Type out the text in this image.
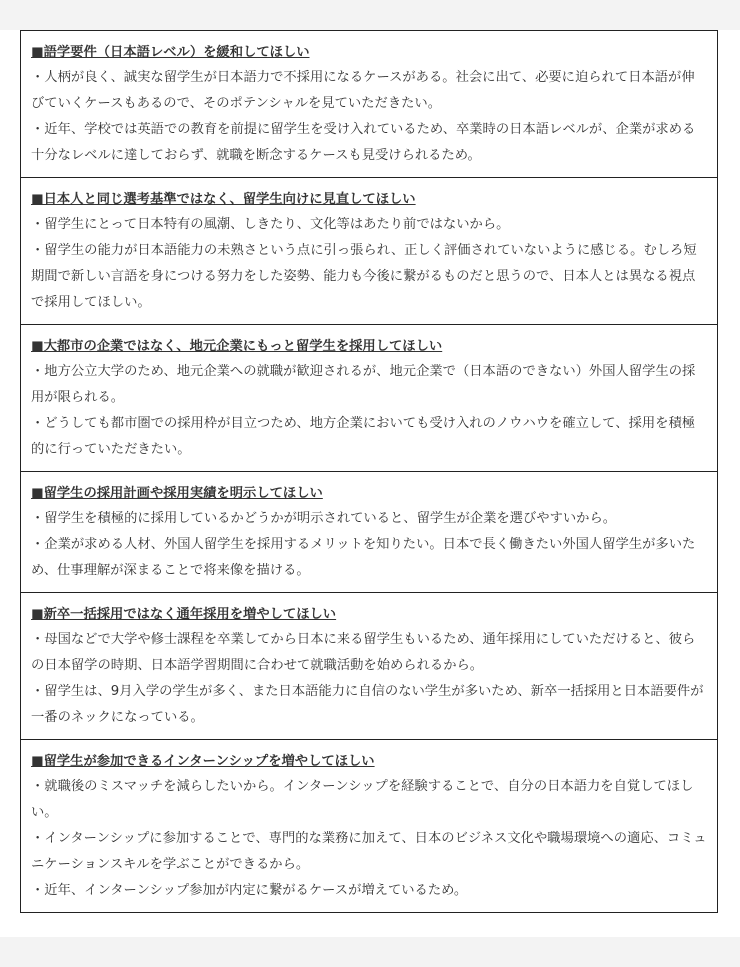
■語学要件（日本語レベル）を緩和してほしい

・人柄が良く、誠実な留学生が日本語力で不採用になるケースがある。社会に出て、必要に迫られて日本語が伸びていくケースもあるので、そのポテンシャルを見ていただきたい。

・近年、学校では英語での教育を前提に留学生を受け入れているため、卒業時の日本語レベルが、企業が求める十分なレベルに達しておらず、就職を断念するケースも見受けられるため。

■日本人と同じ選考基準ではなく、留学生向けに見直してほしい

・留学生にとって日本特有の風潮、しきたり、文化等はあたり前ではないから。

・留学生の能力が日本語能力の未熟さという点に引っ張られ、正しく評価されていないように感じる。むしろ短期間で新しい言語を身につける努力をした姿勢、能力も今後に繋がるものだと思うので、日本人とは異なる視点で採用してほしい。

■大都市の企業ではなく、地元企業にもっと留学生を採用してほしい

・地方公立大学のため、地元企業への就職が歓迎されるが、地元企業で（日本語のできない）外国人留学生の採用が限られる。

・どうしても都市圏での採用枠が目立つため、地方企業においても受け入れのノウハウを確立して、採用を積極的に行っていただきたい。

■留学生の採用計画や採用実績を明示してほしい

・留学生を積極的に採用しているかどうかが明示されていると、留学生が企業を選びやすいから。

・企業が求める人材、外国人留学生を採用するメリットを知りたい。日本で長く働きたい外国人留学生が多いため、仕事理解が深まることで将来像を描ける。

■新卒一括採用ではなく通年採用を増やしてほしい

・母国などで大学や修士課程を卒業してから日本に来る留学生もいるため、通年採用にしていただけると、彼らの日本留学の時期、日本語学習期間に合わせて就職活動を始められるから。

・留学生は、9月入学の学生が多く、また日本語能力に自信のない学生が多いため、新卒一括採用と日本語要件が一番のネックになっている。

■留学生が参加できるインターンシップを増やしてほしい

・就職後のミスマッチを減らしたいから。インターンシップを経験することで、自分の日本語力を自覚してほしい。

・インターンシップに参加することで、専門的な業務に加えて、日本のビジネス文化や職場環境への適応、コミュニケーションスキルを学ぶことができるから。

・近年、インターンシップ参加が内定に繋がるケースが増えているため。
